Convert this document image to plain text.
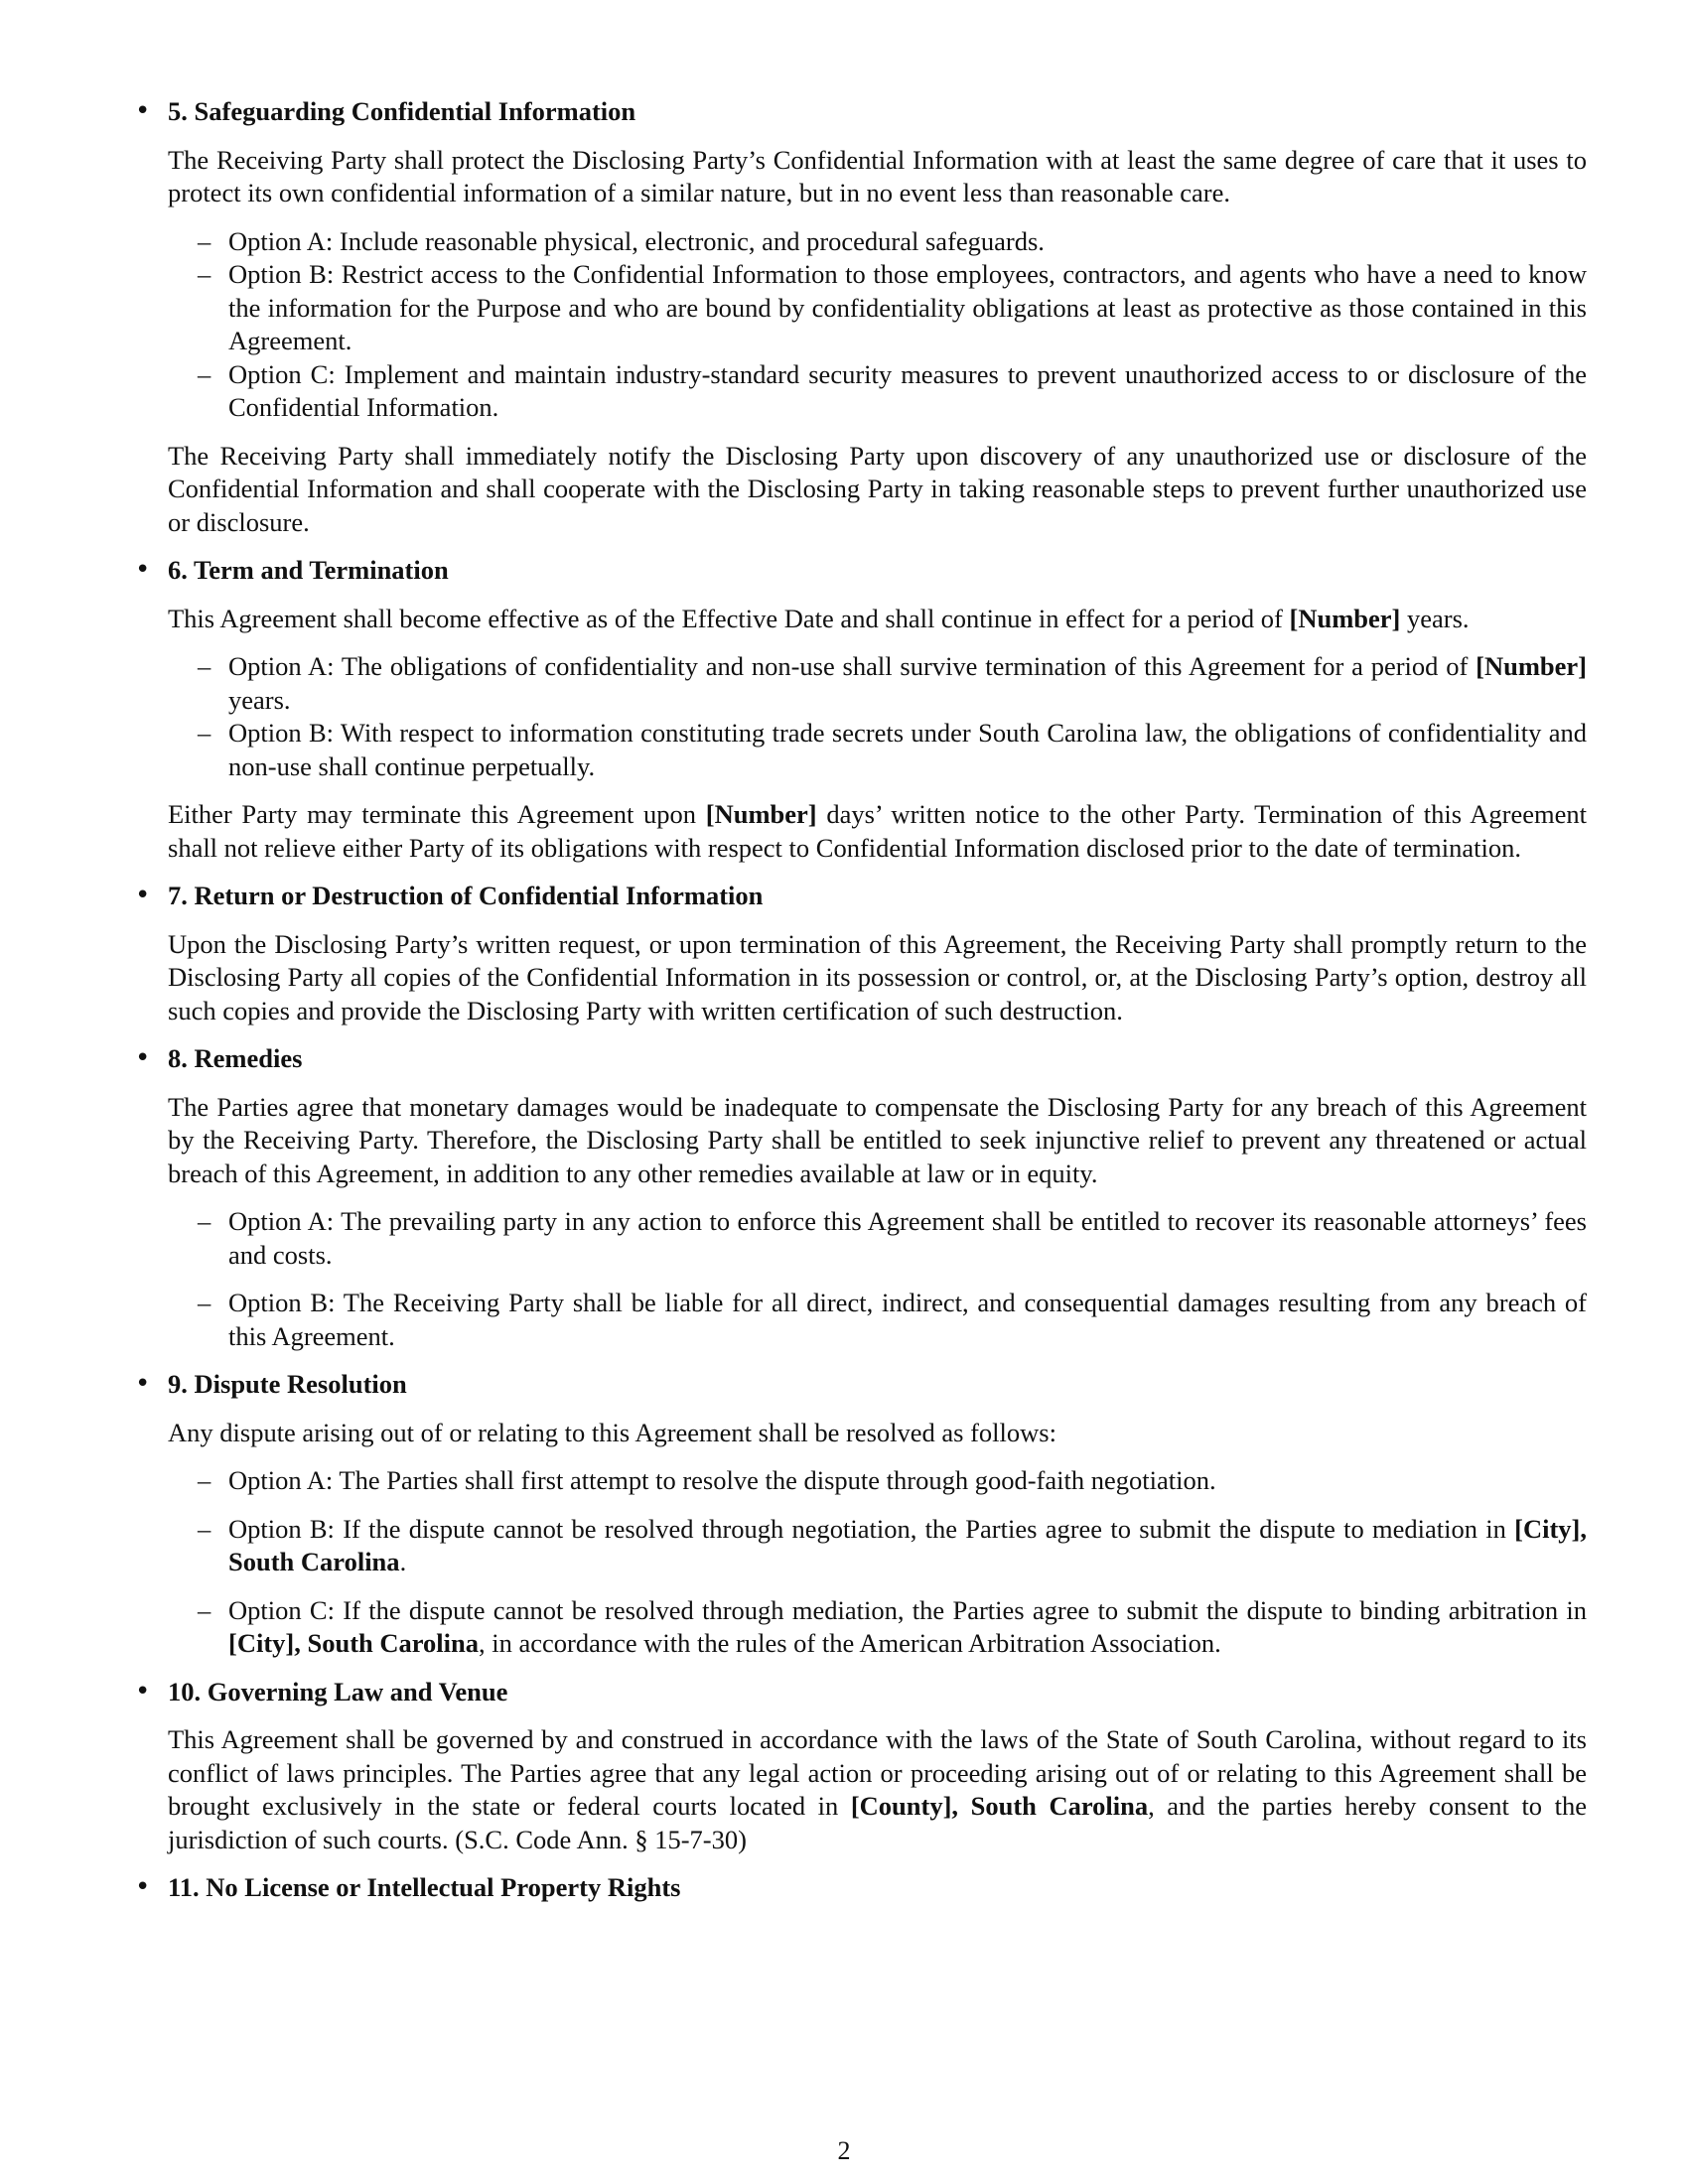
• 5. Safeguarding Confidential Information
The Receiving Party shall protect the Disclosing Party’s Confidential Information with at least the same degree of care that it uses to protect its own confidential information of a similar nature, but in no event less than reasonable care.
– Option A: Include reasonable physical, electronic, and procedural safeguards.
– Option B: Restrict access to the Confidential Information to those employees, contractors, and agents who have a need to know the information for the Purpose and who are bound by confidentiality obligations at least as protective as those contained in this Agreement.
– Option C: Implement and maintain industry-standard security measures to prevent unauthorized access to or disclosure of the Confidential Information.
The Receiving Party shall immediately notify the Disclosing Party upon discovery of any unauthorized use or disclosure of the Confidential Information and shall cooperate with the Disclosing Party in taking reasonable steps to prevent further unauthorized use or disclosure.
• 6. Term and Termination
This Agreement shall become effective as of the Effective Date and shall continue in effect for a period of [Number] years.
– Option A: The obligations of confidentiality and non-use shall survive termination of this Agreement for a period of [Number] years.
– Option B: With respect to information constituting trade secrets under South Carolina law, the obligations of confidentiality and non-use shall continue perpetually.
Either Party may terminate this Agreement upon [Number] days’ written notice to the other Party. Termination of this Agreement shall not relieve either Party of its obligations with respect to Confidential Information disclosed prior to the date of termination.
• 7. Return or Destruction of Confidential Information
Upon the Disclosing Party’s written request, or upon termination of this Agreement, the Receiving Party shall promptly return to the Disclosing Party all copies of the Confidential Information in its possession or control, or, at the Disclosing Party’s option, destroy all such copies and provide the Disclosing Party with written certification of such destruction.
• 8. Remedies
The Parties agree that monetary damages would be inadequate to compensate the Disclosing Party for any breach of this Agreement by the Receiving Party. Therefore, the Disclosing Party shall be entitled to seek injunctive relief to prevent any threatened or actual breach of this Agreement, in addition to any other remedies available at law or in equity.
– Option A: The prevailing party in any action to enforce this Agreement shall be entitled to recover its reasonable attorneys’ fees and costs.
– Option B: The Receiving Party shall be liable for all direct, indirect, and consequential damages resulting from any breach of this Agreement.
• 9. Dispute Resolution
Any dispute arising out of or relating to this Agreement shall be resolved as follows:
– Option A: The Parties shall first attempt to resolve the dispute through good-faith negotiation.
– Option B: If the dispute cannot be resolved through negotiation, the Parties agree to submit the dispute to mediation in [City], South Carolina.
– Option C: If the dispute cannot be resolved through mediation, the Parties agree to submit the dispute to binding arbitration in [City], South Carolina, in accordance with the rules of the American Arbitration Association.
• 10. Governing Law and Venue
This Agreement shall be governed by and construed in accordance with the laws of the State of South Carolina, without regard to its conflict of laws principles. The Parties agree that any legal action or proceeding arising out of or relating to this Agreement shall be brought exclusively in the state or federal courts located in [County], South Carolina, and the parties hereby consent to the jurisdiction of such courts. (S.C. Code Ann. § 15-7-30)
• 11. No License or Intellectual Property Rights
2
